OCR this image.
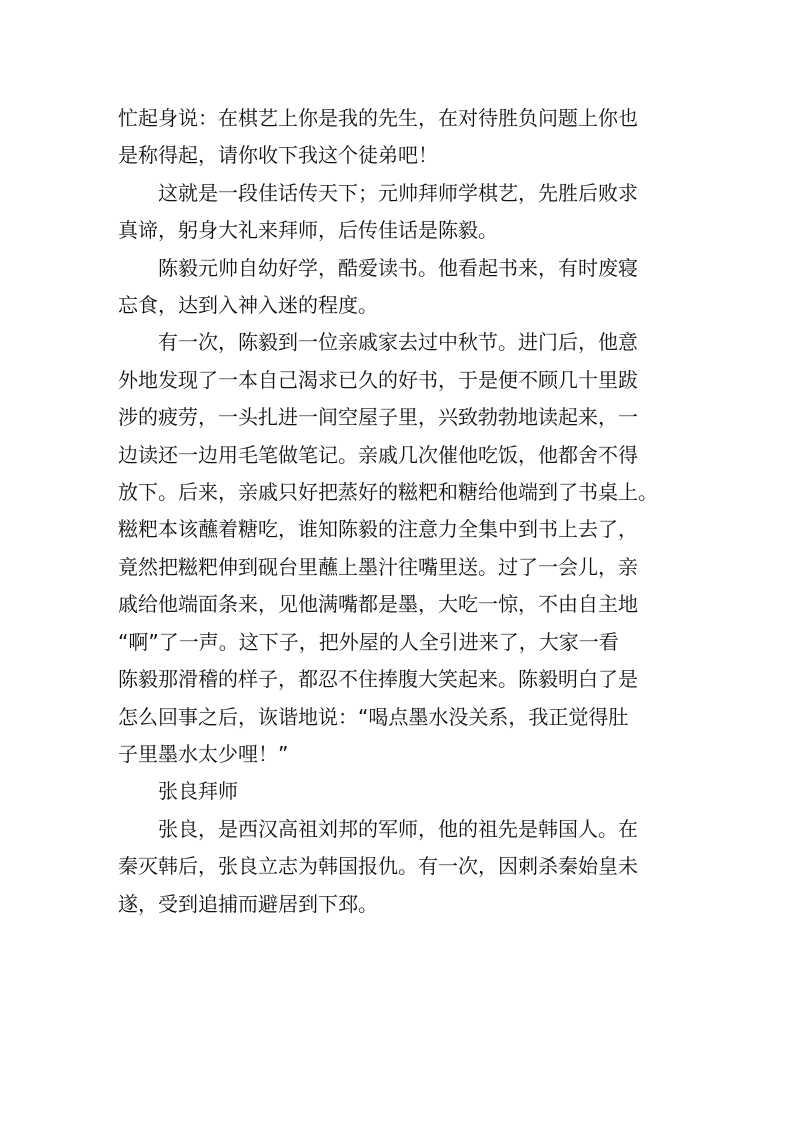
忙起身说：在棋艺上你是我的先生，在对待胜负问题上你也
是称得起，请你收下我这个徒弟吧！

这就是一段佳话传天下；元帅拜师学棋艺，先胜后败求
真谛，躬身大礼来拜师，后传佳话是陈毅。

陈毅元帅自幼好学，酷爱读书。他看起书来，有时废寝
忘食，达到入神入迷的程度。

有一次，陈毅到一位亲戚家去过中秋节。进门后，他意
外地发现了一本自己渴求已久的好书，于是便不顾几十里跋
涉的疲劳，一头扎进一间空屋子里，兴致勃勃地读起来，一
边读还一边用毛笔做笔记。亲戚几次催他吃饭，他都舍不得
放下。后来，亲戚只好把蒸好的糍粑和糖给他端到了书桌上。
糍粑本该蘸着糖吃，谁知陈毅的注意力全集中到书上去了，
竟然把糍粑伸到砚台里蘸上墨汁往嘴里送。过了一会儿，亲
戚给他端面条来，见他满嘴都是墨，大吃一惊，不由自主地
“啊”了一声。这下子，把外屋的人全引进来了，大家一看
陈毅那滑稽的样子，都忍不住捧腹大笑起来。陈毅明白了是
怎么回事之后，诙谐地说：“喝点墨水没关系，我正觉得肚
子里墨水太少哩！”

张良拜师

张良，是西汉高祖刘邦的军师，他的祖先是韩国人。在
秦灭韩后，张良立志为韩国报仇。有一次，因刺杀秦始皇未
遂，受到追捕而避居到下邳。
